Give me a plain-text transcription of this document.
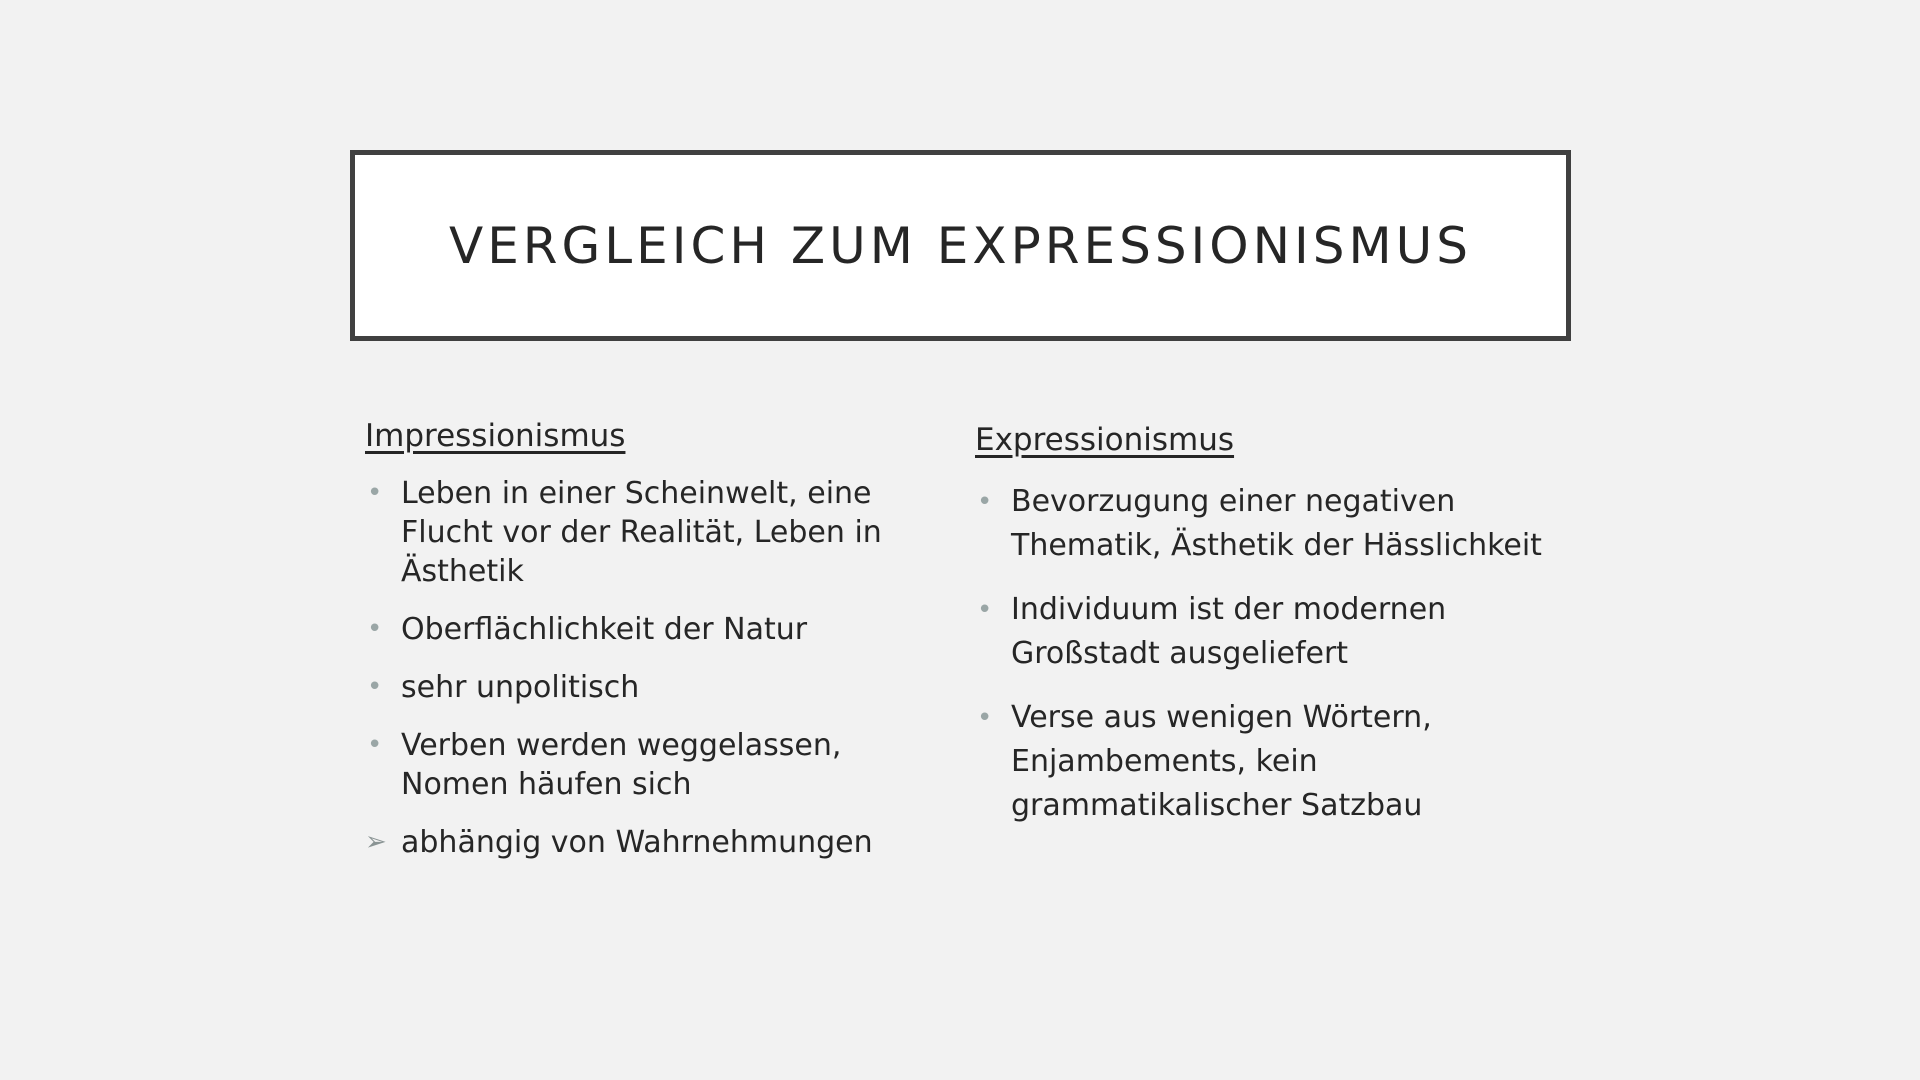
VERGLEICH ZUM EXPRESSIONISMUS
Impressionismus
• Leben in einer Scheinwelt, eine Flucht vor der Realität, Leben in Ästhetik
• Oberflächlichkeit der Natur
• sehr unpolitisch
• Verben werden weggelassen, Nomen häufen sich
➢ abhängig von Wahrnehmungen
Expressionismus
• Bevorzugung einer negativen Thematik, Ästhetik der Hässlichkeit
• Individuum ist der modernen Großstadt ausgeliefert
• Verse aus wenigen Wörtern, Enjambements, kein grammatikalischer Satzbau
